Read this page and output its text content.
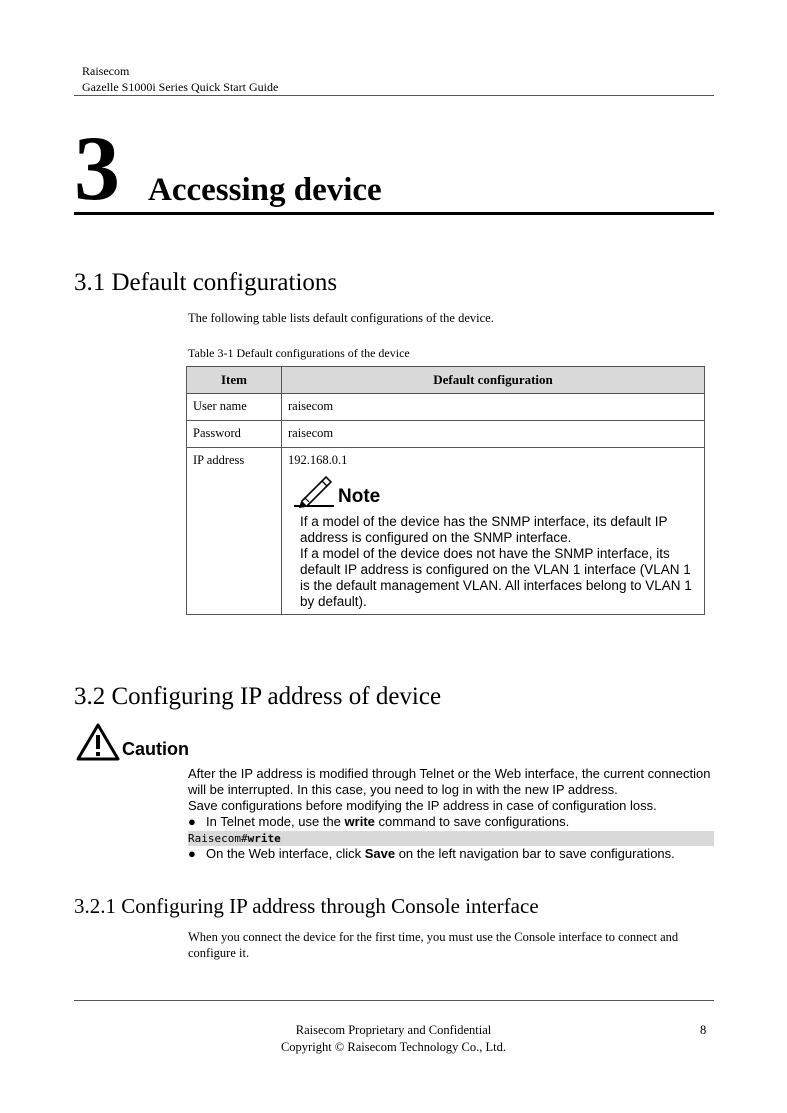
Raisecom
Gazelle S1000i Series Quick Start Guide
3 Accessing device
3.1 Default configurations
The following table lists default configurations of the device.
Table 3-1 Default configurations of the device
Item	Default configuration
User name	raisecom
Password	raisecom
IP address	192.168.0.1
Note

If a model of the device has the SNMP interface, its default IP address is configured on the SNMP interface.

If a model of the device does not have the SNMP interface, its default IP address is configured on the VLAN 1 interface (VLAN 1 is the default management VLAN. All interfaces belong to VLAN 1 by default).

3.2 Configuring IP address of device
Caution

After the IP address is modified through Telnet or the Web interface, the current connection will be interrupted. In this case, you need to log in with the new IP address.

Save configurations before modifying the IP address in case of configuration loss.

● In Telnet mode, use the write command to save configurations.
Raisecom#write
● On the Web interface, click Save on the left navigation bar to save configurations.
3.2.1 Configuring IP address through Console interface
When you connect the device for the first time, you must use the Console interface to connect and configure it.
Raisecom Proprietary and Confidential
Copyright © Raisecom Technology Co., Ltd.
8
